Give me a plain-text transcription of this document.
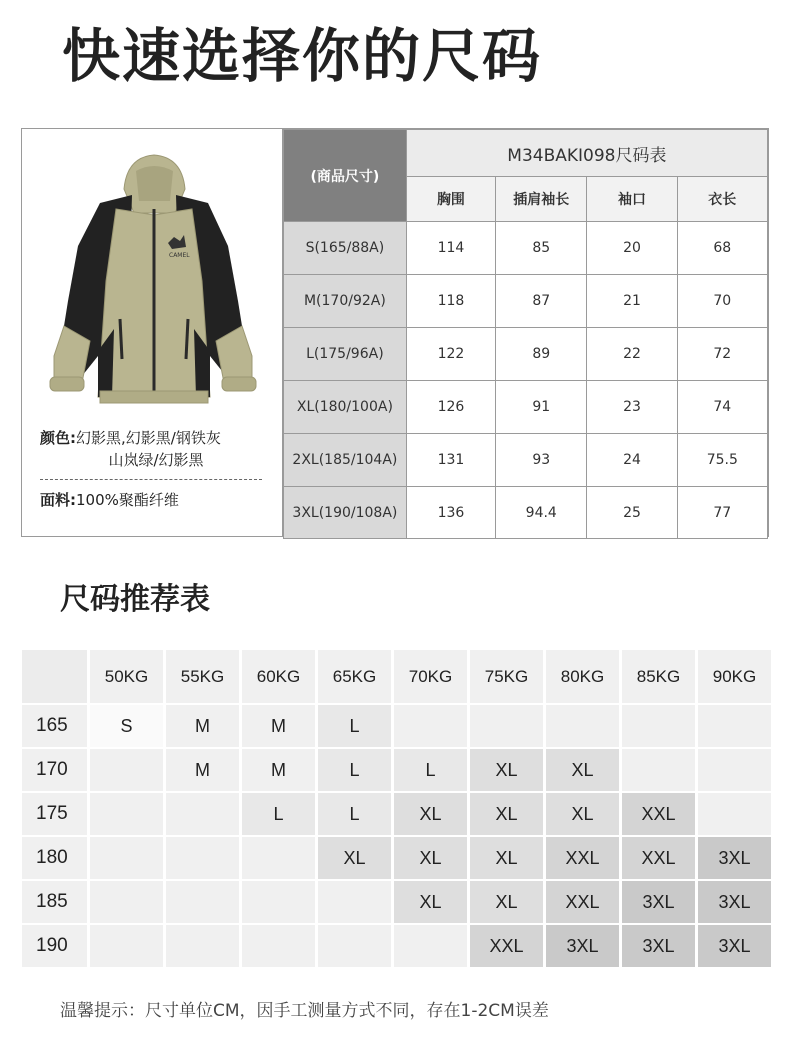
快速选择你的尺码
CAMEL
颜色:幻影黑,幻影黑/钢铁灰
山岚绿/幻影黑
面料:100%聚酯纤维
(商品尺寸)	M34BAKI098尺码表			
	胸围	插肩袖长	袖口	衣长
S(165/88A)	114	85	20	68
M(170/92A)	118	87	21	70
L(175/96A)	122	89	22	72
XL(180/100A)	126	91	23	74
2XL(185/104A)	131	93	24	75.5
3XL(190/108A)	136	94.4	25	77
尺码推荐表
	50KG	55KG	60KG	65KG	70KG	75KG	80KG	85KG	90KG
165	S	M	M	L					
170		M	M	L	L	XL	XL		
175			L	L	XL	XL	XL	XXL	
180				XL	XL	XL	XXL	XXL	3XL
185					XL	XL	XXL	3XL	3XL
190						XXL	3XL	3XL	3XL
温馨提示：尺寸单位CM，因手工测量方式不同，存在1-2CM误差
